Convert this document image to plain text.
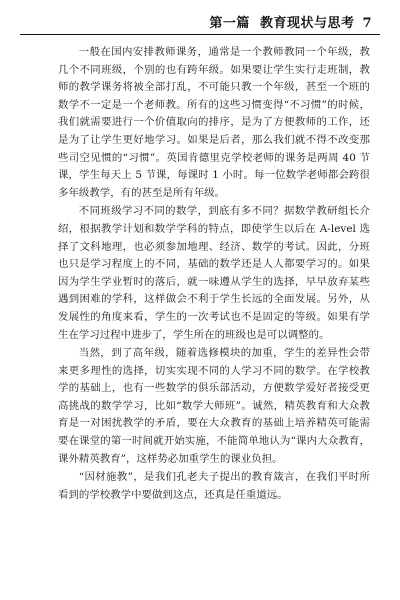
第一篇 教育现状与思考 7

一般在国内安排教师课务，通常是一个教师教同一个年级，教几个不同班级，个别的也有跨年级。如果要让学生实行走班制，教师的教学课务将被全部打乱，不可能只教一个年级，甚至一个班的数学不一定是一个老师教。所有的这些习惯变得“不习惯”的时候，我们就需要进行一个价值取向的排序，是为了方便教师的工作，还是为了让学生更好地学习。如果是后者，那么我们就不得不改变那些司空见惯的“习惯”。英国肯德里克学校老师的课务是两周 40 节课，学生每天上 5 节课，每课时 1 小时。每一位数学老师都会跨很多年级教学，有的甚至是所有年级。

不同班级学习不同的数学，到底有多不同？据数学教研组长介绍，根据教学计划和数学学科的特点，即使学生以后在 A-level 选择了文科地理，也必须参加地理、经济、数学的考试。因此，分班也只是学习程度上的不同，基础的数学还是人人都要学习的。如果因为学生学业暂时的落后，就一味遵从学生的选择，早早放弃某些遇到困难的学科，这样做会不利于学生长远的全面发展。另外，从发展性的角度来看，学生的一次考试也不是固定的等级。如果有学生在学习过程中进步了，学生所在的班级也是可以调整的。

当然，到了高年级，随着选修模块的加重，学生的差异性会带来更多理性的选择，切实实现不同的人学习不同的数学。在学校教学的基础上，也有一些数学的俱乐部活动，方便数学爱好者接受更高挑战的数学学习，比如“数学大师班”。诚然，精英教育和大众教育是一对困扰教学的矛盾，要在大众教育的基础上培养精英可能需要在课堂的第一时间就开始实施，不能简单地认为“课内大众教育，课外精英教育”，这样势必加重学生的课业负担。

“因材施教”，是我们孔老夫子提出的教育箴言，在我们平时所看到的学校教学中要做到这点，还真是任重道远。
